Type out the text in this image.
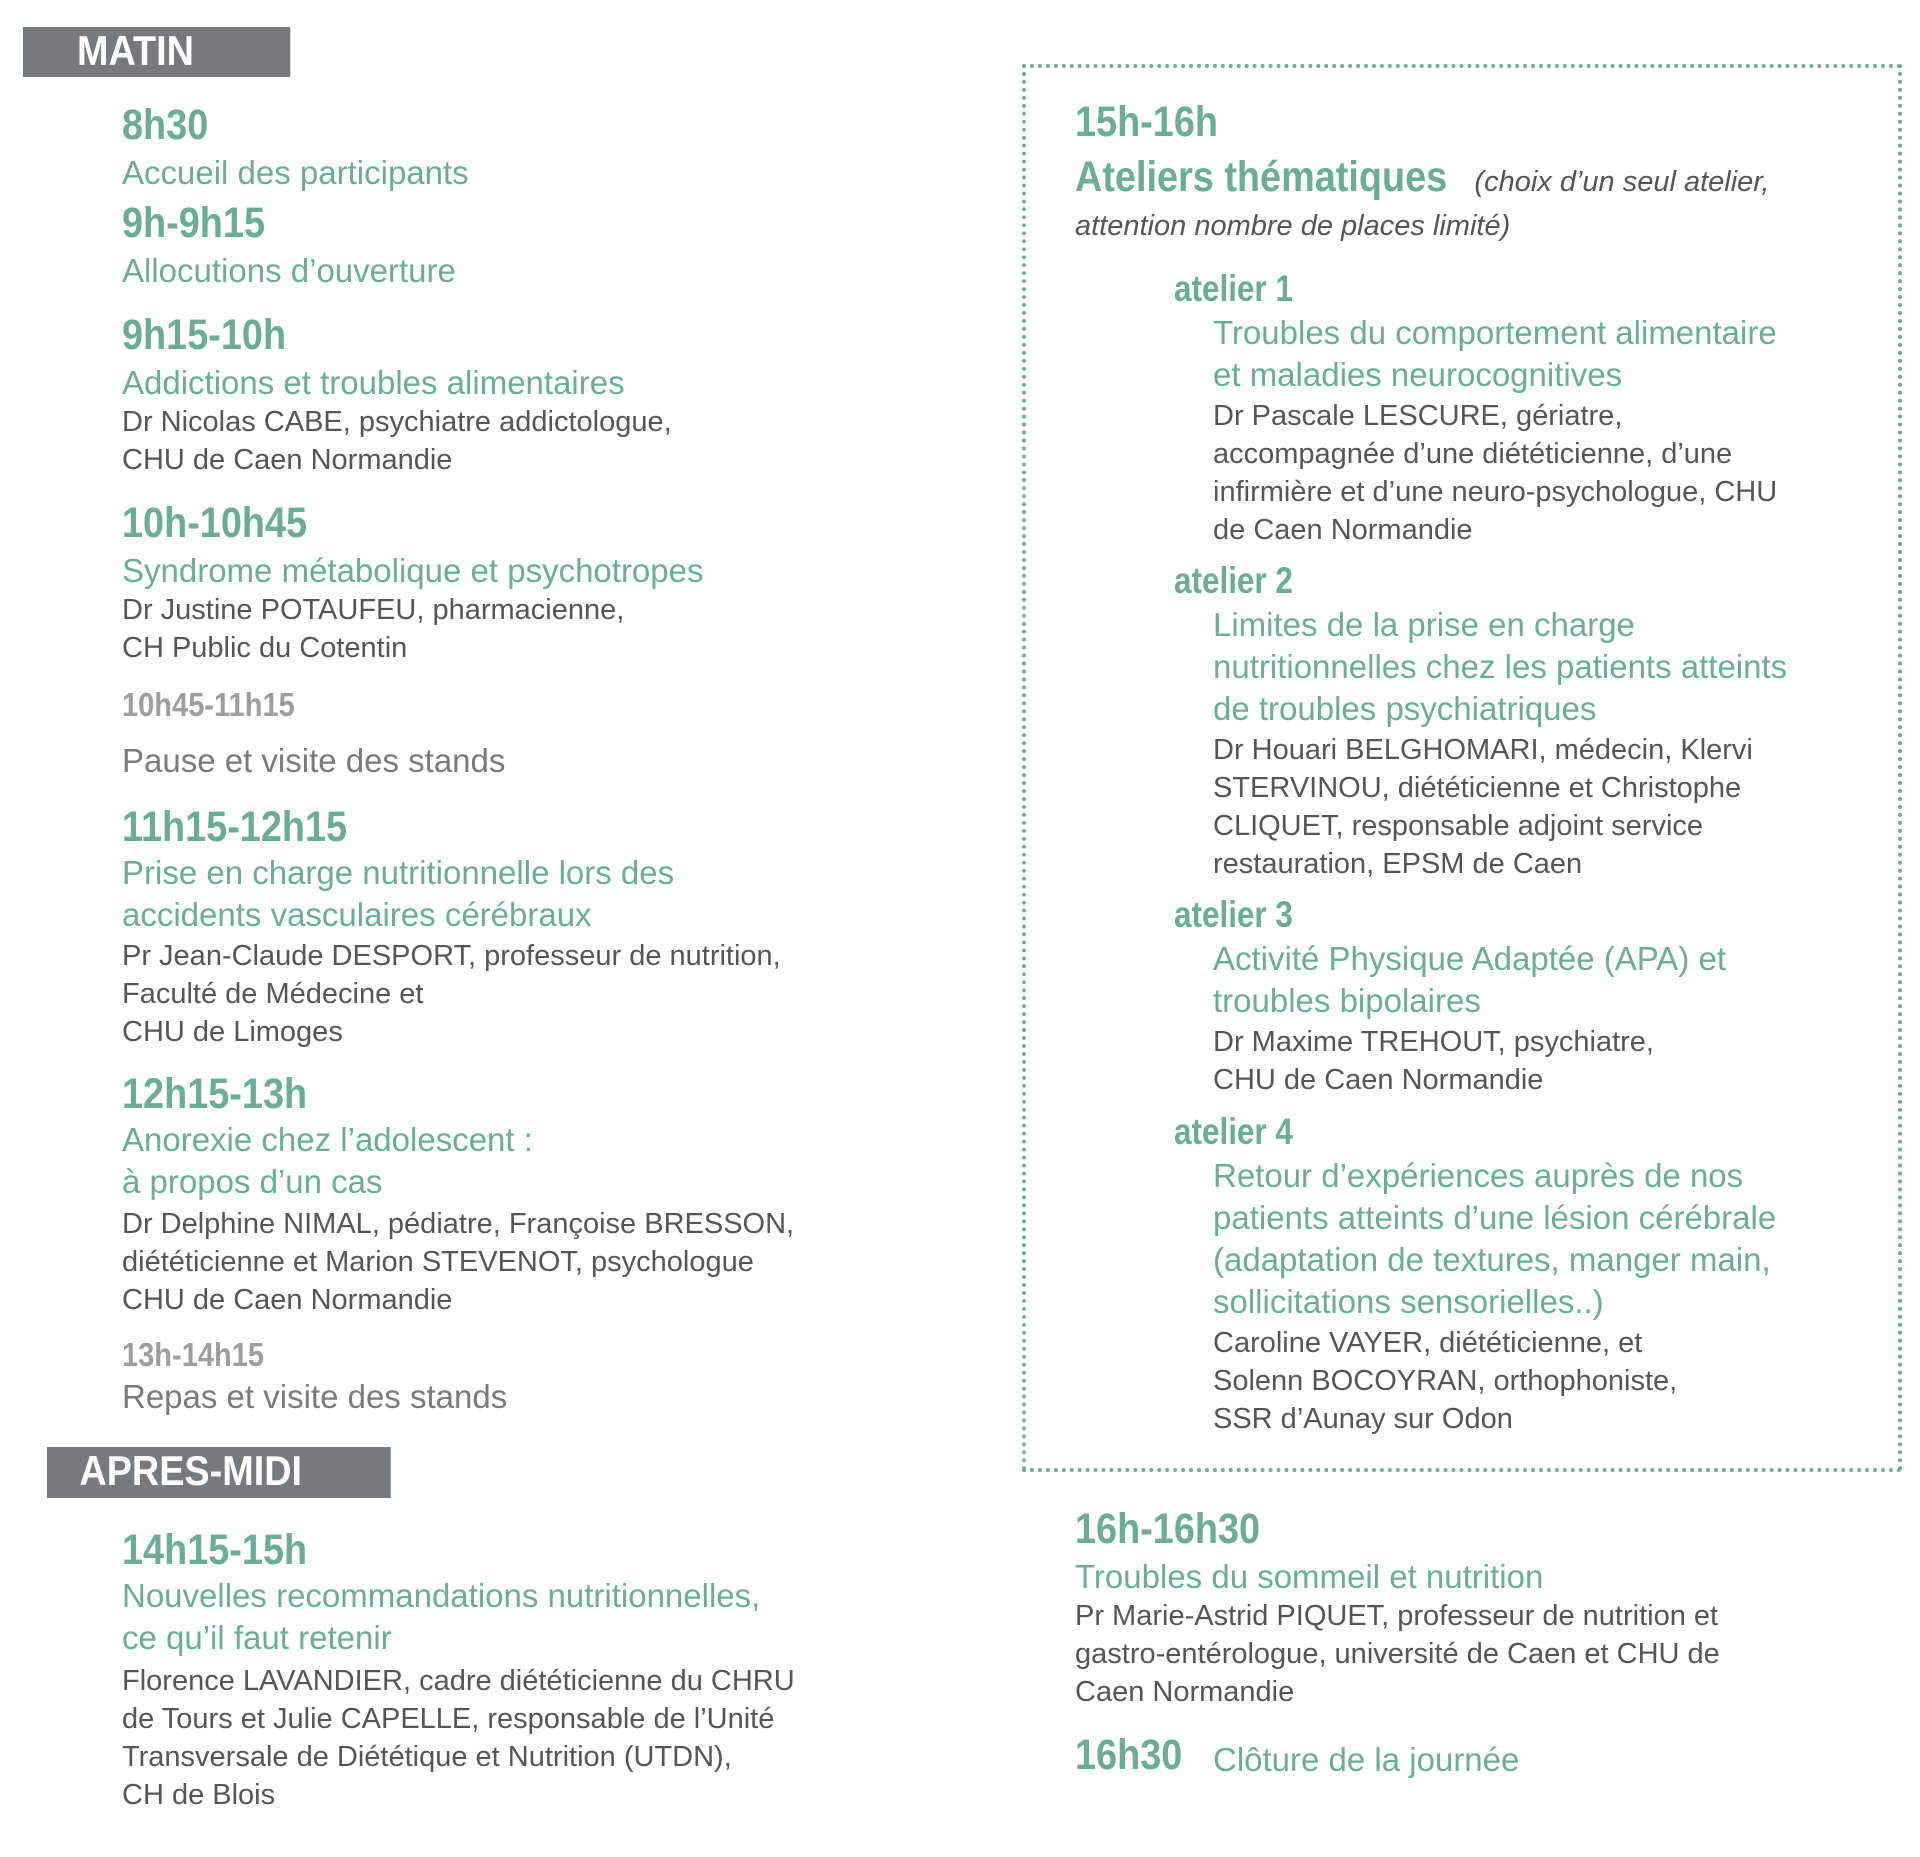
MATIN
8h30
Accueil des participants
9h-9h15
Allocutions d’ouverture
9h15-10h
Addictions et troubles alimentaires
Dr Nicolas CABE, psychiatre addictologue,
CHU de Caen Normandie
10h-10h45
Syndrome métabolique et psychotropes
Dr Justine POTAUFEU, pharmacienne,
CH Public du Cotentin
10h45-11h15
Pause et visite des stands
11h15-12h15
Prise en charge nutritionnelle lors des
accidents vasculaires cérébraux
Pr Jean-Claude DESPORT, professeur de nutrition,
Faculté de Médecine et
CHU de Limoges
12h15-13h
Anorexie chez l’adolescent :
à propos d’un cas
Dr Delphine NIMAL, pédiatre, Françoise BRESSON,
diététicienne et Marion STEVENOT, psychologue
CHU de Caen Normandie
13h-14h15
Repas et visite des stands
APRES-MIDI
14h15-15h
Nouvelles recommandations nutritionnelles,
ce qu’il faut retenir
Florence LAVANDIER, cadre diététicienne du CHRU
de Tours et Julie CAPELLE, responsable de l’Unité
Transversale de Diététique et Nutrition (UTDN),
CH de Blois
15h-16h
Ateliers thématiques (choix d’un seul atelier,
attention nombre de places limité)
atelier 1
Troubles du comportement alimentaire
et maladies neurocognitives
Dr Pascale LESCURE, gériatre,
accompagnée d’une diététicienne, d’une
infirmière et d’une neuro-psychologue, CHU
de Caen Normandie
atelier 2
Limites de la prise en charge
nutritionnelles chez les patients atteints
de troubles psychiatriques
Dr Houari BELGHOMARI, médecin, Klervi
STERVINOU, diététicienne et Christophe
CLIQUET, responsable adjoint service
restauration, EPSM de Caen
atelier 3
Activité Physique Adaptée (APA) et
troubles bipolaires
Dr Maxime TREHOUT, psychiatre,
CHU de Caen Normandie
atelier 4
Retour d’expériences auprès de nos
patients atteints d’une lésion cérébrale
(adaptation de textures, manger main,
sollicitations sensorielles..)
Caroline VAYER, diététicienne, et
Solenn BOCOYRAN, orthophoniste,
SSR d’Aunay sur Odon
16h-16h30
Troubles du sommeil et nutrition
Pr Marie-Astrid PIQUET, professeur de nutrition et
gastro-entérologue, université de Caen et CHU de
Caen Normandie
16h30 Clôture de la journée
